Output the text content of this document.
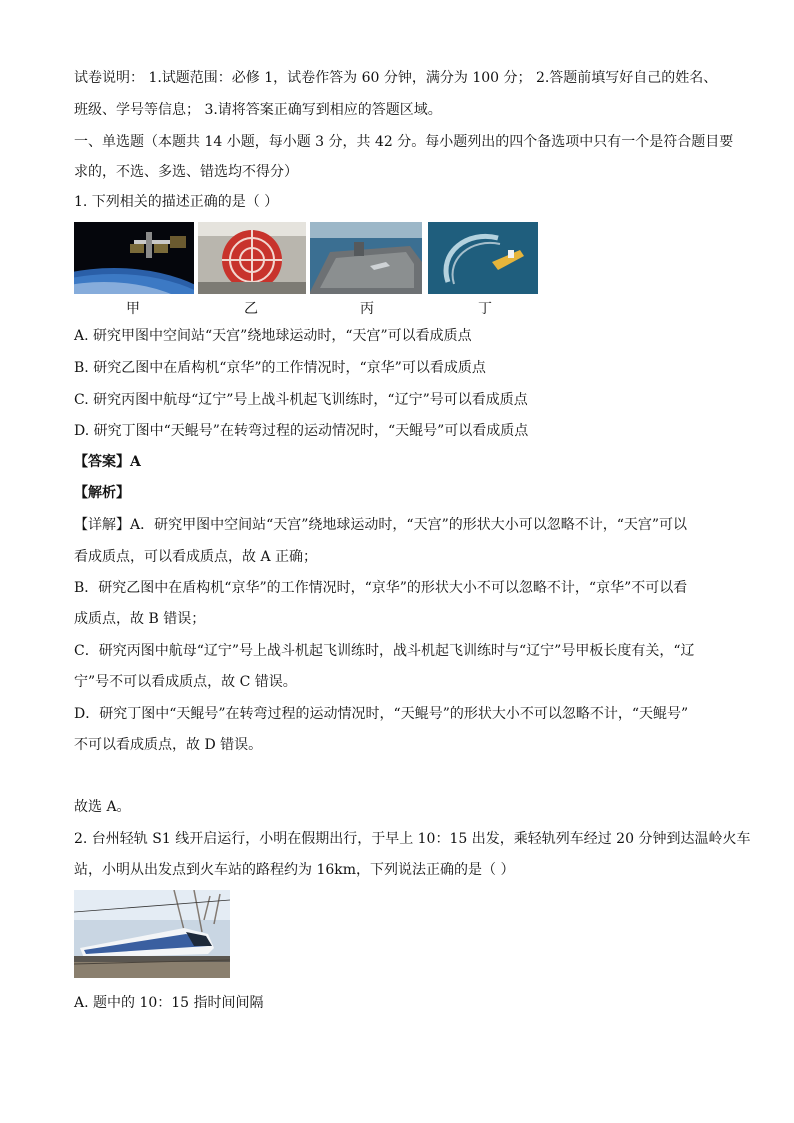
试卷说明： 1.试题范围：必修 1，试卷作答为 60 分钟，满分为 100 分； 2.答题前填写好自己的姓名、
班级、学号等信息； 3.请将答案正确写到相应的答题区域。
一、单选题（本题共 14 小题，每小题 3 分，共 42 分。每小题列出的四个备选项中只有一个是符合题目要
求的，不选、多选、错选均不得分）
1. 下列相关的描述正确的是（ ）
甲	乙	丙	丁
A. 研究甲图中空间站“天宫”绕地球运动时，“天宫”可以看成质点
B. 研究乙图中在盾构机“京华”的工作情况时，“京华”可以看成质点
C. 研究丙图中航母“辽宁”号上战斗机起飞训练时，“辽宁”号可以看成质点
D. 研究丁图中“天鲲号”在转弯过程的运动情况时，“天鲲号”可以看成质点
【答案】A
【解析】
【详解】A．研究甲图中空间站“天宫”绕地球运动时，“天宫”的形状大小可以忽略不计，“天宫”可以
看成质点，可以看成质点，故 A 正确；
B．研究乙图中在盾构机“京华”的工作情况时，“京华”的形状大小不可以忽略不计，“京华”不可以看
成质点，故 B 错误；
C．研究丙图中航母“辽宁”号上战斗机起飞训练时，战斗机起飞训练时与“辽宁”号甲板长度有关，“辽
宁”号不可以看成质点，故 C 错误。
D．研究丁图中“天鲲号”在转弯过程的运动情况时，“天鲲号”的形状大小不可以忽略不计，“天鲲号”
不可以看成质点，故 D 错误。
故选 A。
2. 台州轻轨 S1 线开启运行，小明在假期出行，于早上 10：15 出发，乘轻轨列车经过 20 分钟到达温岭火车
站，小明从出发点到火车站的路程约为 16km，下列说法正确的是（ ）
A. 题中的 10：15 指时间间隔
